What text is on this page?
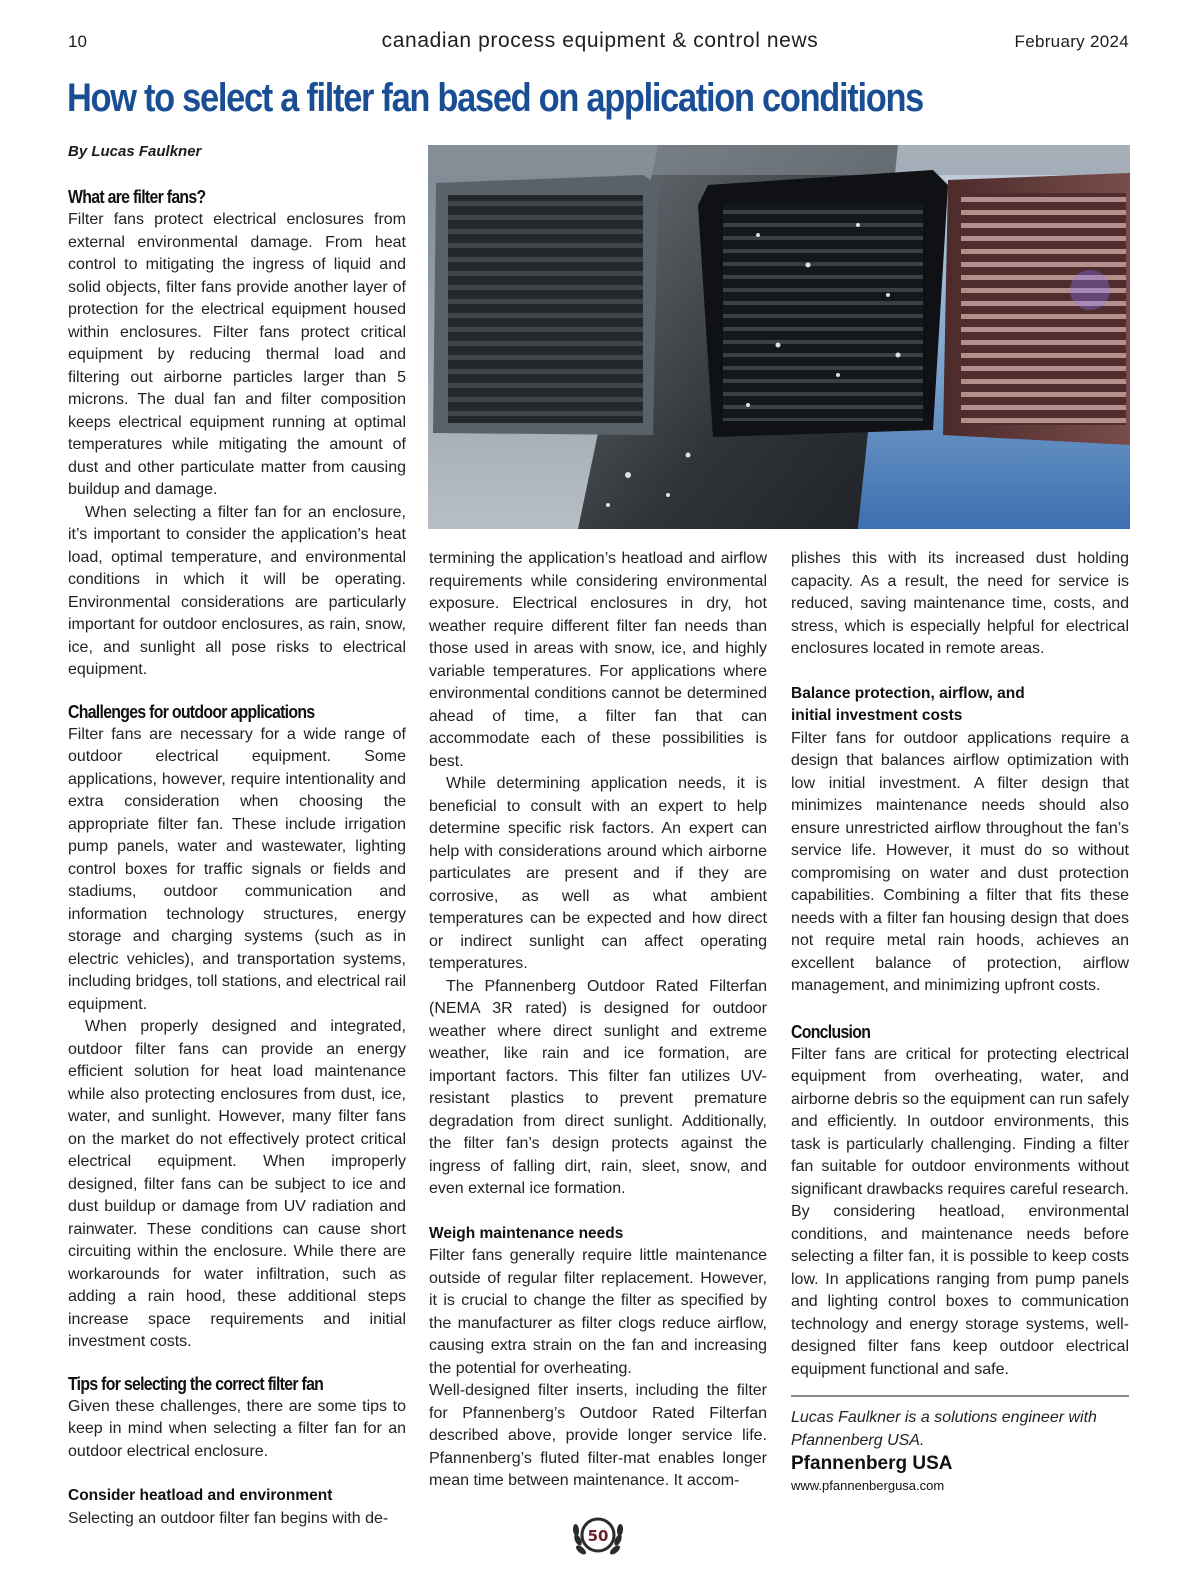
10	canadian process equipment & control news	February 2024
How to select a filter fan based on application conditions
By Lucas Faulkner
What are filter fans?

Filter fans protect electrical enclosures from external environmental damage. From heat control to mitigating the ingress of liquid and solid objects, filter fans provide another layer of protection for the electrical equipment housed within enclosures. Filter fans protect critical equipment by reducing thermal load and filtering out airborne particles larger than 5 microns. The dual fan and filter composition keeps electrical equipment running at optimal temperatures while mitigating the amount of dust and other particulate matter from causing buildup and damage.

When selecting a filter fan for an enclosure, it’s important to consider the application’s heat load, optimal temperature, and environmental conditions in which it will be operating. Environmental considerations are particularly important for outdoor enclosures, as rain, snow, ice, and sunlight all pose risks to electrical equipment.

Challenges for outdoor applications

Filter fans are necessary for a wide range of outdoor electrical equipment. Some applications, however, require intentionality and extra consideration when choosing the appropriate filter fan. These include irrigation pump panels, water and wastewater, lighting control boxes for traffic signals or fields and stadiums, outdoor communication and information technology structures, energy storage and charging systems (such as in electric vehicles), and transportation systems, including bridges, toll stations, and electrical rail equipment.

When properly designed and integrated, outdoor filter fans can provide an energy efficient solution for heat load maintenance while also protecting enclosures from dust, ice, water, and sunlight. However, many filter fans on the market do not effectively protect critical electrical equipment. When improperly designed, filter fans can be subject to ice and dust buildup or damage from UV radiation and rainwater. These conditions can cause short circuiting within the enclosure. While there are workarounds for water infiltration, such as adding a rain hood, these additional steps increase space requirements and initial investment costs.

Tips for selecting the correct filter fan

Given these challenges, there are some tips to keep in mind when selecting a filter fan for an outdoor electrical enclosure.

Consider heatload and environment

Selecting an outdoor filter fan begins with de-

termining the application’s heatload and airflow requirements while considering environmental exposure. Electrical enclosures in dry, hot weather require different filter fan needs than those used in areas with snow, ice, and highly variable temperatures. For applications where environmental conditions cannot be determined ahead of time, a filter fan that can accommodate each of these possibilities is best.

While determining application needs, it is beneficial to consult with an expert to help determine specific risk factors. An expert can help with considerations around which airborne particulates are present and if they are corrosive, as well as what ambient temperatures can be expected and how direct or indirect sunlight can affect operating temperatures.

The Pfannenberg Outdoor Rated Filterfan (NEMA 3R rated) is designed for outdoor weather where direct sunlight and extreme weather, like rain and ice formation, are important factors. This filter fan utilizes UV-resistant plastics to prevent premature degradation from direct sunlight. Additionally, the filter fan’s design protects against the ingress of falling dirt, rain, sleet, snow, and even external ice formation.

Weigh maintenance needs

Filter fans generally require little maintenance outside of regular filter replacement. However, it is crucial to change the filter as specified by the manufacturer as filter clogs reduce airflow, causing extra strain on the fan and increasing the potential for overheating.

Well-designed filter inserts, including the filter for Pfannenberg’s Outdoor Rated Filterfan described above, provide longer service life. Pfannenberg’s fluted filter-mat enables longer mean time between maintenance. It accom-

plishes this with its increased dust holding capacity. As a result, the need for service is reduced, saving maintenance time, costs, and stress, which is especially helpful for electrical enclosures located in remote areas.

Balance protection, airflow, and
initial investment costs

Filter fans for outdoor applications require a design that balances airflow optimization with low initial investment. A filter design that minimizes maintenance needs should also ensure unrestricted airflow throughout the fan’s service life. However, it must do so without compromising on water and dust protection capabilities. Combining a filter that fits these needs with a filter fan housing design that does not require metal rain hoods, achieves an excellent balance of protection, airflow management, and minimizing upfront costs.

Conclusion

Filter fans are critical for protecting electrical equipment from overheating, water, and airborne debris so the equipment can run safely and efficiently. In outdoor environments, this task is particularly challenging. Finding a filter fan suitable for outdoor environments without significant drawbacks requires careful research. By considering heatload, environmental conditions, and maintenance needs before selecting a filter fan, it is possible to keep costs low. In applications ranging from pump panels and lighting control boxes to communication technology and energy storage systems, well-designed filter fans keep outdoor electrical equipment functional and safe.

Lucas Faulkner is a solutions engineer with Pfannenberg USA.
Pfannenberg USA
www.pfannenbergusa.com
50
